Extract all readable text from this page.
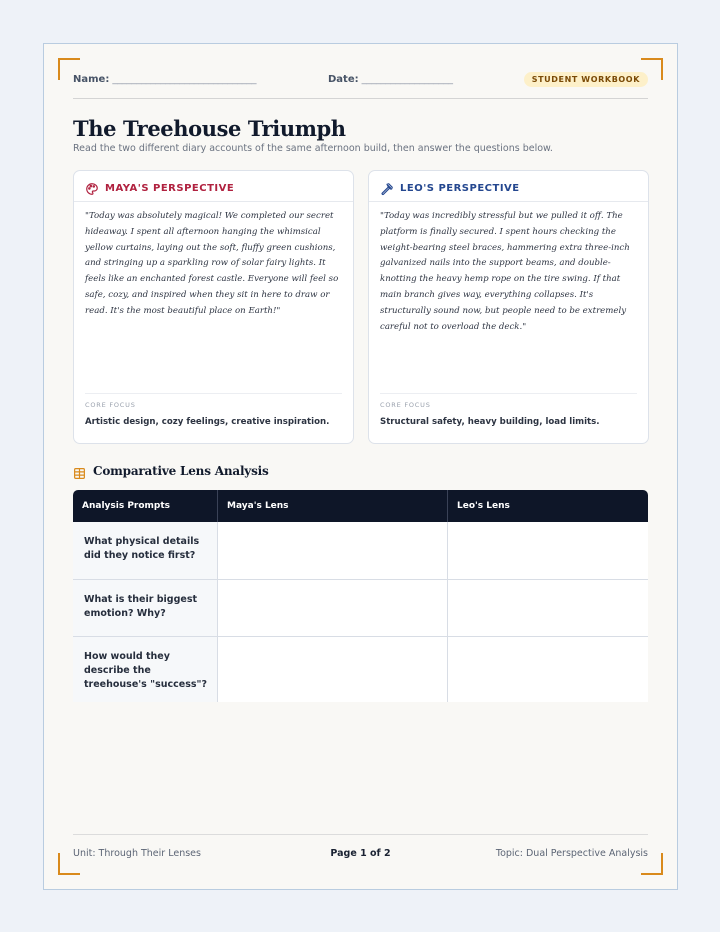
Name: ______________________________	Date: ___________________	STUDENT WORKBOOK
The Treehouse Triumph
Read the two different diary accounts of the same afternoon build, then answer the questions below.
MAYA'S PERSPECTIVE
"Today was absolutely magical! We completed our secret hideaway. I spent all afternoon hanging the whimsical yellow curtains, laying out the soft, fluffy green cushions, and stringing up a sparkling row of solar fairy lights. It feels like an enchanted forest castle. Everyone will feel so safe, cozy, and inspired when they sit in here to draw or read. It's the most beautiful place on Earth!"
CORE FOCUS
Artistic design, cozy feelings, creative inspiration.
LEO'S PERSPECTIVE
"Today was incredibly stressful but we pulled it off. The platform is finally secured. I spent hours checking the weight-bearing steel braces, hammering extra three-inch galvanized nails into the support beams, and double-knotting the heavy hemp rope on the tire swing. If that main branch gives way, everything collapses. It's structurally sound now, but people need to be extremely careful not to overload the deck."
CORE FOCUS
Structural safety, heavy building, load limits.
Comparative Lens Analysis
Analysis Prompts	Maya's Lens	Leo's Lens
What physical details did they notice first?
What is their biggest emotion? Why?
How would they describe the treehouse's "success"?
Unit: Through Their Lenses	Page 1 of 2	Topic: Dual Perspective Analysis
